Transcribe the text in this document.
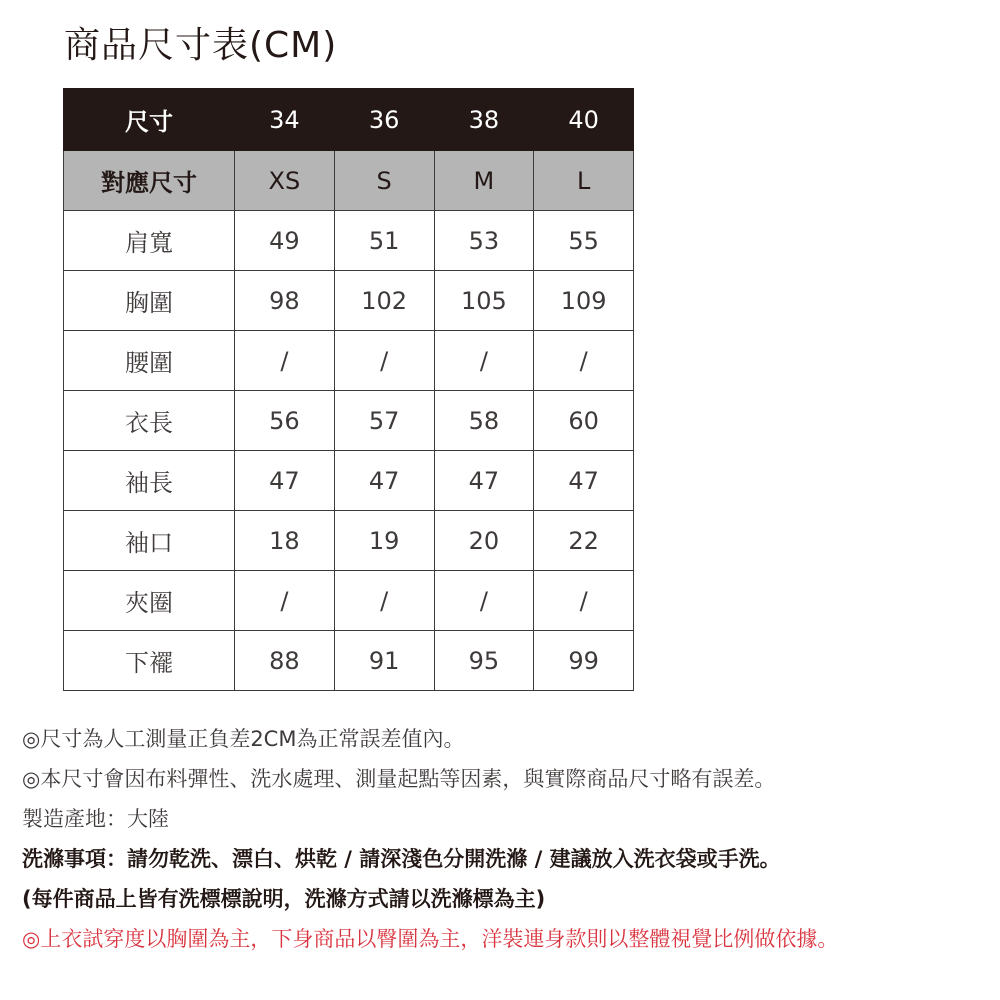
商品尺寸表(CM)
尺寸	34	36	38	40
對應尺寸	XS	S	M	L
肩寬	49	51	53	55
胸圍	98	102	105	109
腰圍	/	/	/	/
衣長	56	57	58	60
袖長	47	47	47	47
袖口	18	19	20	22
夾圈	/	/	/	/
下襬	88	91	95	99
◎尺寸為人工測量正負差2CM為正常誤差值內。
◎本尺寸會因布料彈性、洗水處理、測量起點等因素，與實際商品尺寸略有誤差。
製造產地：大陸
洗滌事項：請勿乾洗、漂白、烘乾 / 請深淺色分開洗滌 / 建議放入洗衣袋或手洗。
(每件商品上皆有洗標標說明，洗滌方式請以洗滌標為主)
◎上衣試穿度以胸圍為主，下身商品以臀圍為主，洋裝連身款則以整體視覺比例做依據。
